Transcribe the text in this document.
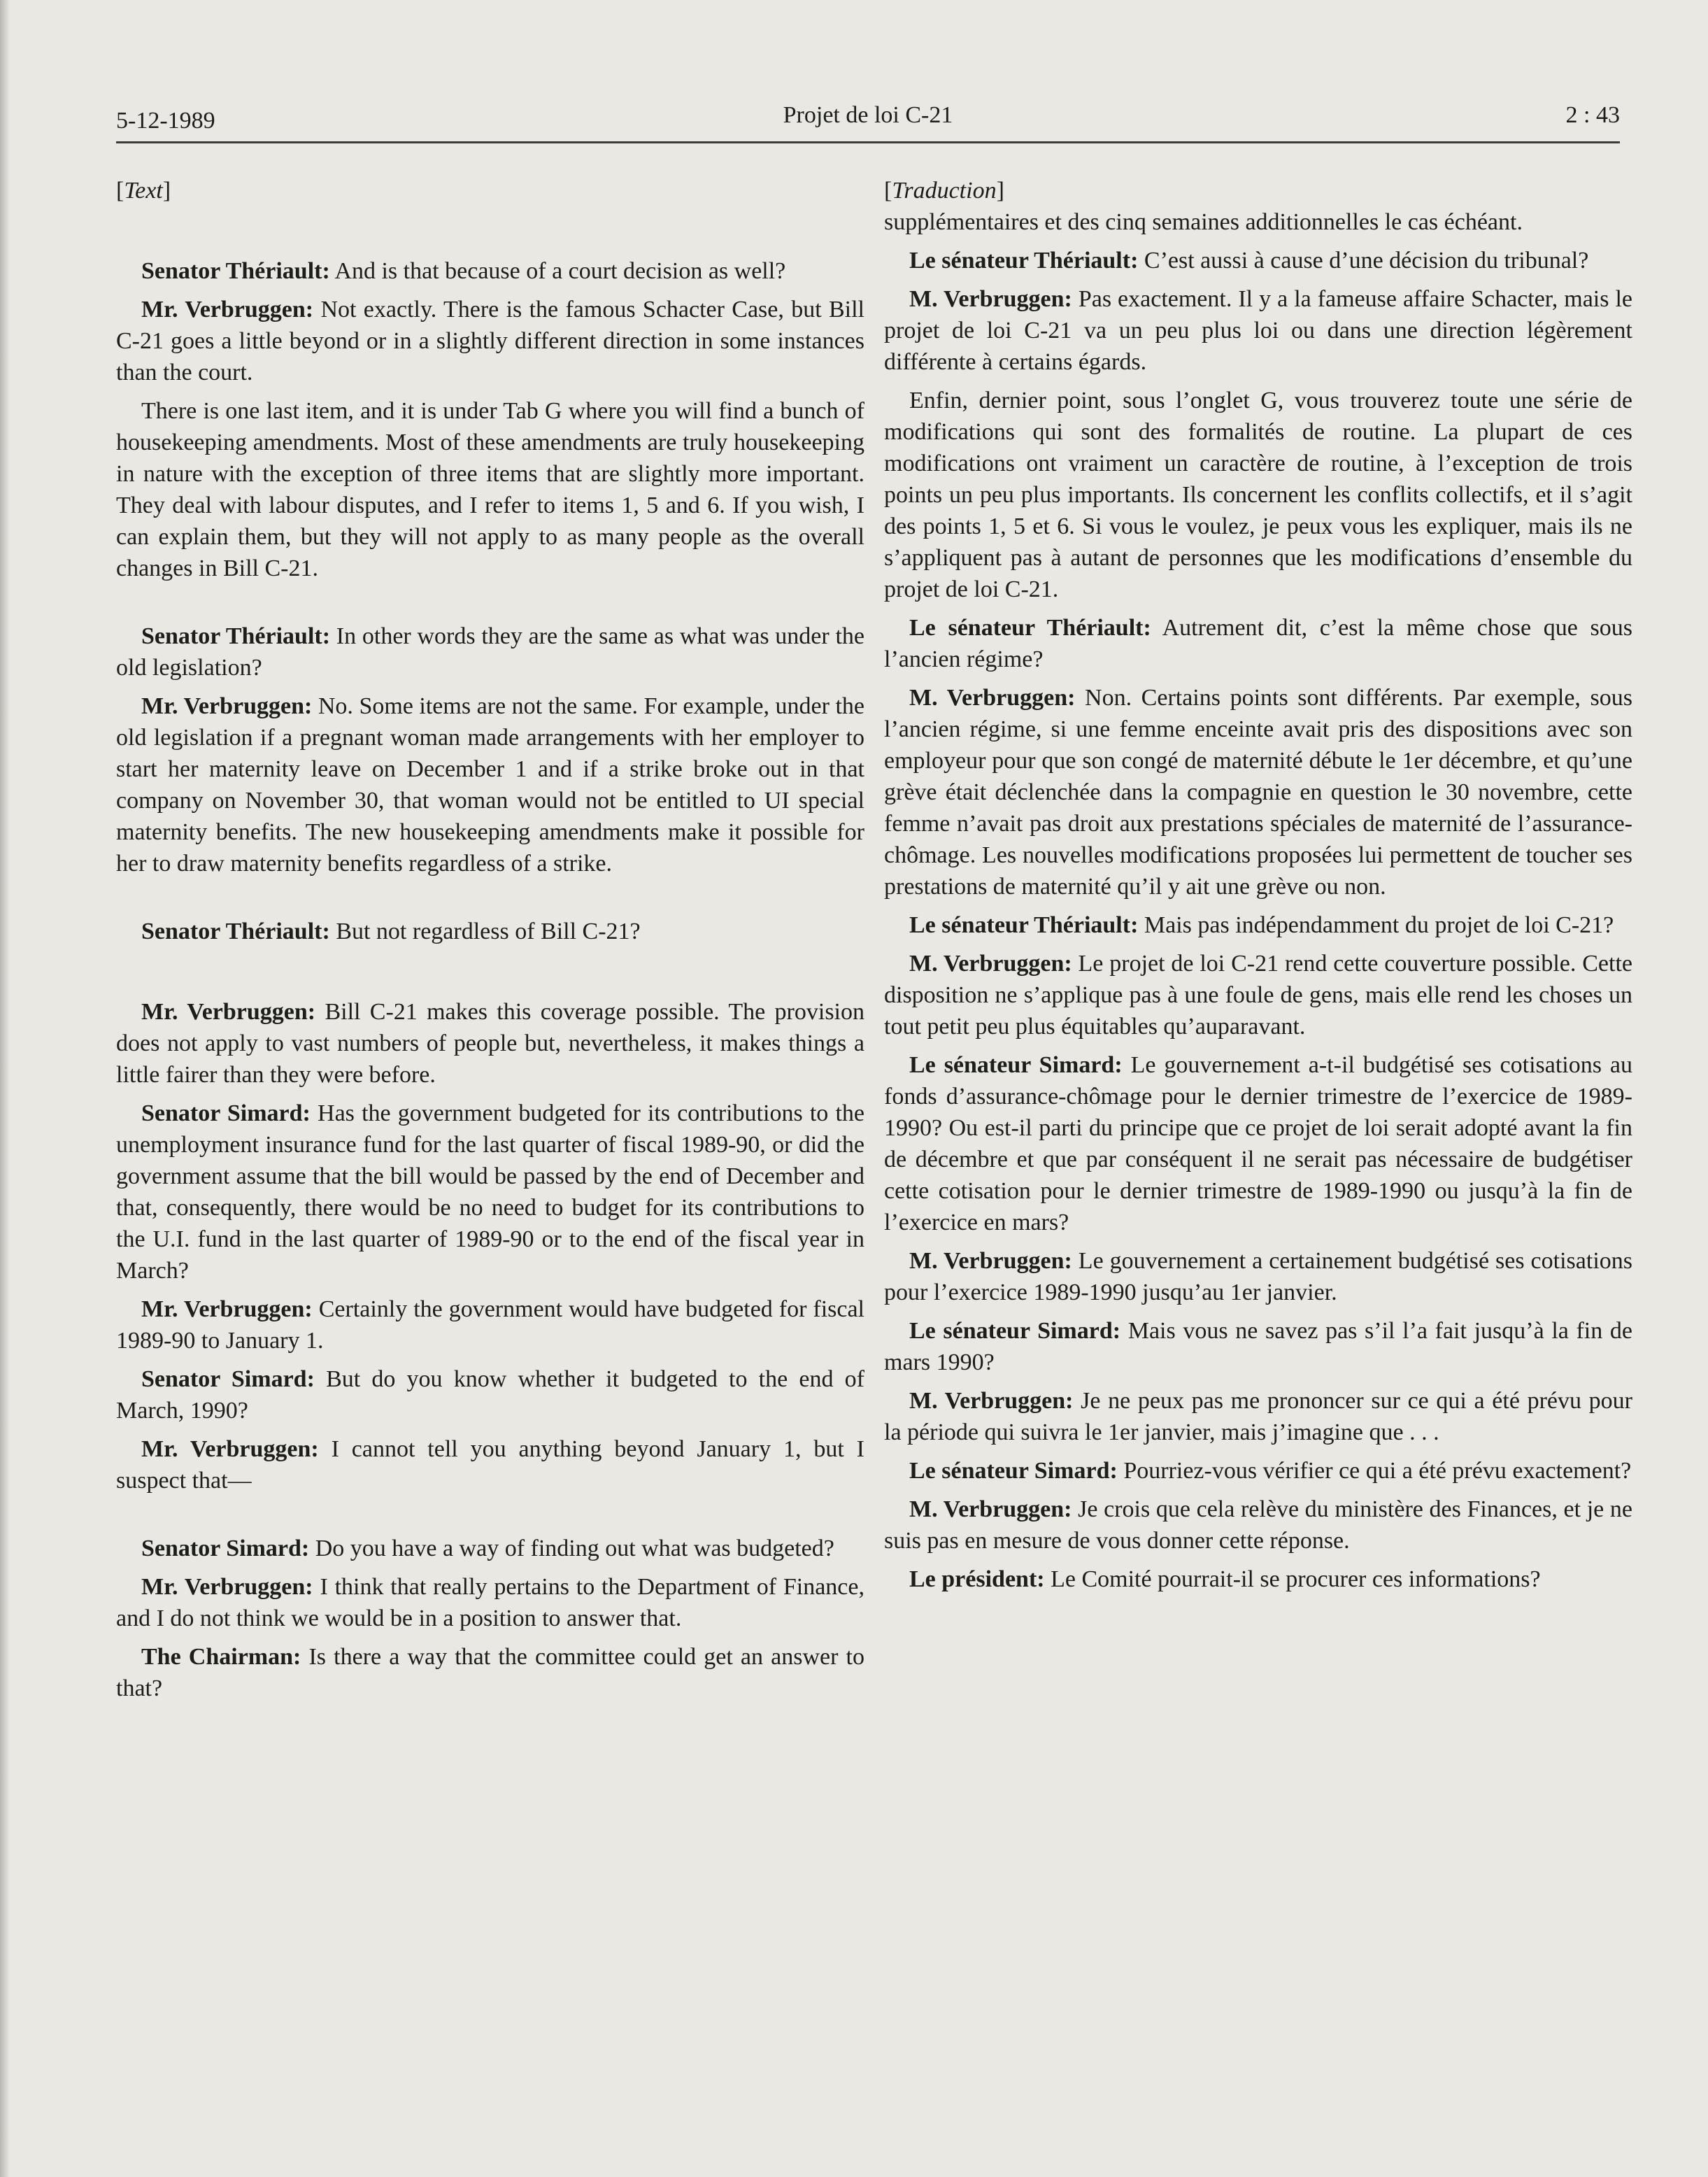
5-12-1989	Projet de loi C-21	2 : 43
[Text]

Senator Thériault: And is that because of a court decision as well?

Mr. Verbruggen: Not exactly. There is the famous Schacter Case, but Bill C-21 goes a little beyond or in a slightly different direction in some instances than the court.

There is one last item, and it is under Tab G where you will find a bunch of housekeeping amendments. Most of these amendments are truly housekeeping in nature with the exception of three items that are slightly more important. They deal with labour disputes, and I refer to items 1, 5 and 6. If you wish, I can explain them, but they will not apply to as many people as the overall changes in Bill C-21.

Senator Thériault: In other words they are the same as what was under the old legislation?

Mr. Verbruggen: No. Some items are not the same. For example, under the old legislation if a pregnant woman made arrangements with her employer to start her maternity leave on December 1 and if a strike broke out in that company on November 30, that woman would not be entitled to UI special maternity benefits. The new housekeeping amendments make it possible for her to draw maternity benefits regardless of a strike.

Senator Thériault: But not regardless of Bill C-21?

Mr. Verbruggen: Bill C-21 makes this coverage possible. The provision does not apply to vast numbers of people but, nevertheless, it makes things a little fairer than they were before.

Senator Simard: Has the government budgeted for its contributions to the unemployment insurance fund for the last quarter of fiscal 1989-90, or did the government assume that the bill would be passed by the end of December and that, consequently, there would be no need to budget for its contributions to the U.I. fund in the last quarter of 1989-90 or to the end of the fiscal year in March?

Mr. Verbruggen: Certainly the government would have budgeted for fiscal 1989-90 to January 1.

Senator Simard: But do you know whether it budgeted to the end of March, 1990?

Mr. Verbruggen: I cannot tell you anything beyond January 1, but I suspect that—

Senator Simard: Do you have a way of finding out what was budgeted?

Mr. Verbruggen: I think that really pertains to the Department of Finance, and I do not think we would be in a position to answer that.

The Chairman: Is there a way that the committee could get an answer to that?

[Traduction]

supplémentaires et des cinq semaines additionnelles le cas échéant.

Le sénateur Thériault: C’est aussi à cause d’une décision du tribunal?

M. Verbruggen: Pas exactement. Il y a la fameuse affaire Schacter, mais le projet de loi C-21 va un peu plus loi ou dans une direction légèrement différente à certains égards.

Enfin, dernier point, sous l’onglet G, vous trouverez toute une série de modifications qui sont des formalités de routine. La plupart de ces modifications ont vraiment un caractère de routine, à l’exception de trois points un peu plus importants. Ils concernent les conflits collectifs, et il s’agit des points 1, 5 et 6. Si vous le voulez, je peux vous les expliquer, mais ils ne s’appliquent pas à autant de personnes que les modifications d’ensemble du projet de loi C-21.

Le sénateur Thériault: Autrement dit, c’est la même chose que sous l’ancien régime?

M. Verbruggen: Non. Certains points sont différents. Par exemple, sous l’ancien régime, si une femme enceinte avait pris des dispositions avec son employeur pour que son congé de maternité débute le 1er décembre, et qu’une grève était déclenchée dans la compagnie en question le 30 novembre, cette femme n’avait pas droit aux prestations spéciales de maternité de l’assurance-chômage. Les nouvelles modifications proposées lui permettent de toucher ses prestations de maternité qu’il y ait une grève ou non.

Le sénateur Thériault: Mais pas indépendamment du projet de loi C-21?

M. Verbruggen: Le projet de loi C-21 rend cette couverture possible. Cette disposition ne s’applique pas à une foule de gens, mais elle rend les choses un tout petit peu plus équitables qu’auparavant.

Le sénateur Simard: Le gouvernement a-t-il budgétisé ses cotisations au fonds d’assurance-chômage pour le dernier trimestre de l’exercice de 1989-1990? Ou est-il parti du principe que ce projet de loi serait adopté avant la fin de décembre et que par conséquent il ne serait pas nécessaire de budgétiser cette cotisation pour le dernier trimestre de 1989-1990 ou jusqu’à la fin de l’exercice en mars?

M. Verbruggen: Le gouvernement a certainement budgétisé ses cotisations pour l’exercice 1989-1990 jusqu’au 1er janvier.

Le sénateur Simard: Mais vous ne savez pas s’il l’a fait jusqu’à la fin de mars 1990?

M. Verbruggen: Je ne peux pas me prononcer sur ce qui a été prévu pour la période qui suivra le 1er janvier, mais j’imagine que . . .

Le sénateur Simard: Pourriez-vous vérifier ce qui a été prévu exactement?

M. Verbruggen: Je crois que cela relève du ministère des Finances, et je ne suis pas en mesure de vous donner cette réponse.

Le président: Le Comité pourrait-il se procurer ces informations?
